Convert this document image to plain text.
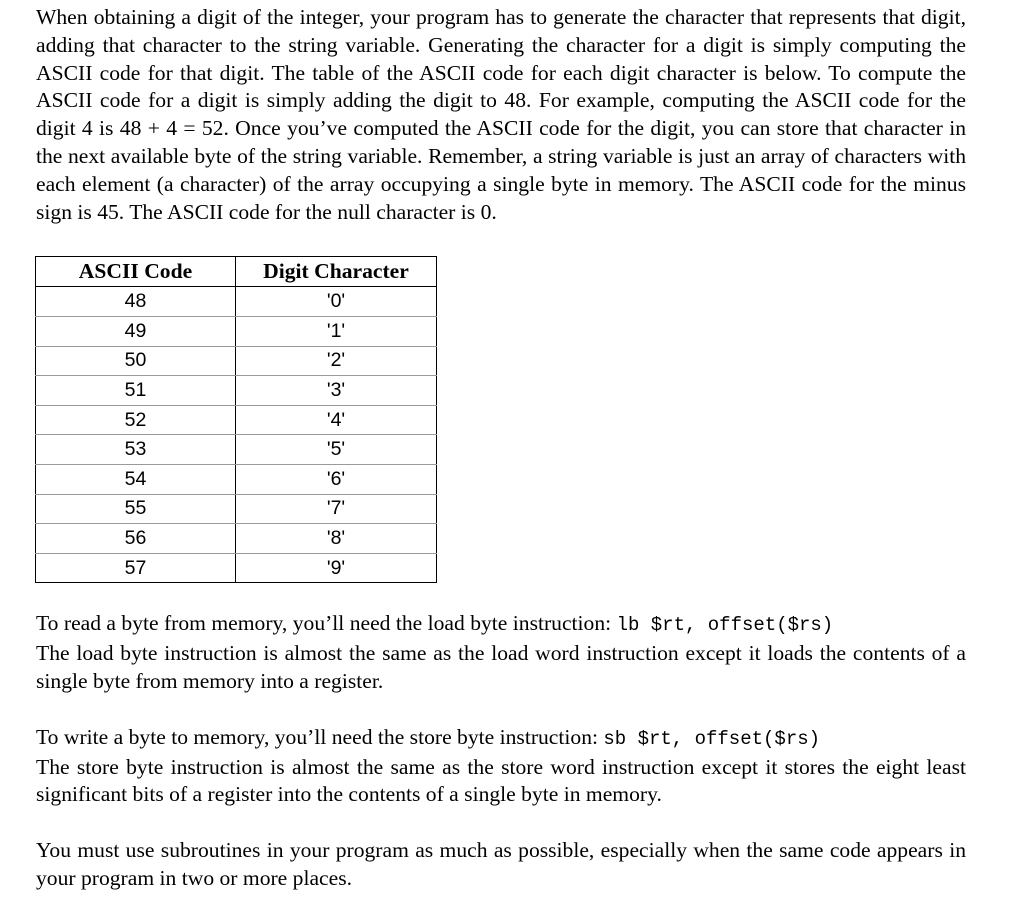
When obtaining a digit of the integer, your program has to generate the character that represents that digit, adding that character to the string variable. Generating the character for a digit is simply computing the ASCII code for that digit. The table of the ASCII code for each digit character is below. To compute the ASCII code for a digit is simply adding the digit to 48. For example, computing the ASCII code for the digit 4 is 48 + 4 = 52. Once you’ve computed the ASCII code for the digit, you can store that character in the next available byte of the string variable. Remember, a string variable is just an array of characters with each element (a character) of the array occupying a single byte in memory. The ASCII code for the minus sign is 45. The ASCII code for the null character is 0.

ASCII Code	Digit Character
48	'0'
49	'1'
50	'2'
51	'3'
52	'4'
53	'5'
54	'6'
55	'7'
56	'8'
57	'9'

To read a byte from memory, you’ll need the load byte instruction: lb $rt, offset($rs)
The load byte instruction is almost the same as the load word instruction except it loads the contents of a single byte from memory into a register.

To write a byte to memory, you’ll need the store byte instruction: sb $rt, offset($rs)
The store byte instruction is almost the same as the store word instruction except it stores the eight least significant bits of a register into the contents of a single byte in memory.

You must use subroutines in your program as much as possible, especially when the same code appears in your program in two or more places.
